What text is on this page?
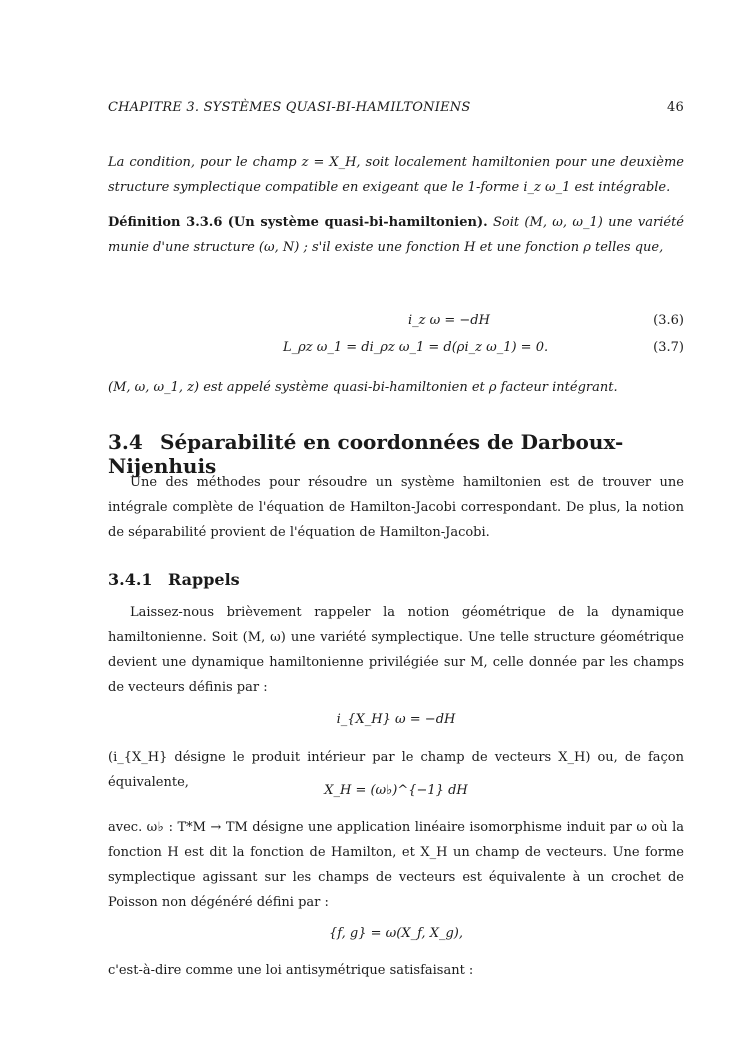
CHAPITRE 3. SYSTÈMES QUASI-BI-HAMILTONIENS	46

La condition, pour le champ z = X_H, soit localement hamiltonien pour une deuxième structure symplectique compatible en exigeant que le 1-forme i_z ω_1 est intégrable.

Définition 3.3.6 (Un système quasi-bi-hamiltonien). Soit (M, ω, ω_1) une variété munie d'une structure (ω, N) ; s'il existe une fonction H et une fonction ρ telles que,

i_z ω = −dH	(3.6)
L_ρz ω_1 = di_ρz ω_1 = d(ρi_z ω_1) = 0.	(3.7)

(M, ω, ω_1, z) est appelé système quasi-bi-hamiltonien et ρ facteur intégrant.

3.4 Séparabilité en coordonnées de Darboux-Nijenhuis

Une des méthodes pour résoudre un système hamiltonien est de trouver une intégrale complète de l'équation de Hamilton-Jacobi correspondant. De plus, la notion de séparabilité provient de l'équation de Hamilton-Jacobi.

3.4.1 Rappels

Laissez-nous brièvement rappeler la notion géométrique de la dynamique hamiltonienne. Soit (M, ω) une variété symplectique. Une telle structure géométrique devient une dynamique hamiltonienne privilégiée sur M, celle donnée par les champs de vecteurs définis par :

i_{X_H} ω = −dH

(i_{X_H} désigne le produit intérieur par le champ de vecteurs X_H) ou, de façon équivalente,

X_H = (ω♭)^{−1} dH

avec. ω♭ : T*M → TM désigne une application linéaire isomorphisme induit par ω où la fonction H est dit la fonction de Hamilton, et X_H un champ de vecteurs. Une forme symplectique agissant sur les champs de vecteurs est équivalente à un crochet de Poisson non dégénéré défini par :

{f, g} = ω(X_f, X_g),

c'est-à-dire comme une loi antisymétrique satisfaisant :
